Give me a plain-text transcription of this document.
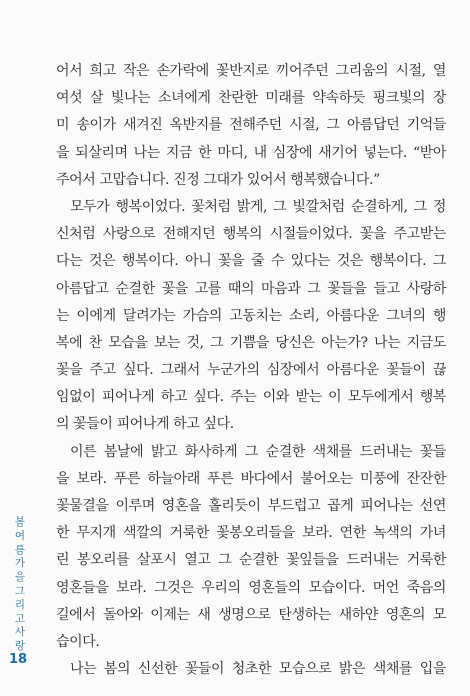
어서 희고 작은 손가락에 꽃반지로 끼어주던 그리움의 시절, 열
여섯 살 빛나는 소녀에게 찬란한 미래를 약속하듯 핑크빛의 장
미 송이가 새겨진 옥반지를 전해주던 시절, 그 아름답던 기억들
을 되살리며 나는 지금 한 마디, 내 심장에 새기어 넣는다. “받아
주어서 고맙습니다. 진정 그대가 있어서 행복했습니다.”
모두가 행복이었다. 꽃처럼 밝게, 그 빛깔처럼 순결하게, 그 정
신처럼 사랑으로 전해지던 행복의 시절들이었다. 꽃을 주고받는
다는 것은 행복이다. 아니 꽃을 줄 수 있다는 것은 행복이다. 그
아름답고 순결한 꽃을 고를 때의 마음과 그 꽃들을 들고 사랑하
는 이에게 달려가는 가슴의 고동치는 소리, 아름다운 그녀의 행
복에 찬 모습을 보는 것, 그 기쁨을 당신은 아는가? 나는 지금도
꽃을 주고 싶다. 그래서 누군가의 심장에서 아름다운 꽃들이 끊
임없이 피어나게 하고 싶다. 주는 이와 받는 이 모두에게서 행복
의 꽃들이 피어나게 하고 싶다.
이른 봄날에 밝고 화사하게 그 순결한 색채를 드러내는 꽃들
을 보라. 푸른 하늘아래 푸른 바다에서 불어오는 미풍에 잔잔한
꽃물결을 이루며 영혼을 홀리듯이 부드럽고 곱게 피어나는 선연
한 무지개 색깔의 거룩한 꽃봉오리들을 보라. 연한 녹색의 가녀
린 봉오리를 살포시 열고 그 순결한 꽃잎들을 드러내는 거룩한
영혼들을 보라. 그것은 우리의 영혼들의 모습이다. 머언 죽음의
길에서 돌아와 이제는 새 생명으로 탄생하는 새하얀 영혼의 모
습이다.
나는 봄의 신선한 꽃들이 청초한 모습으로 밝은 색채를 입을
봄
여
름
가
을
그
리
고
사
랑
18
